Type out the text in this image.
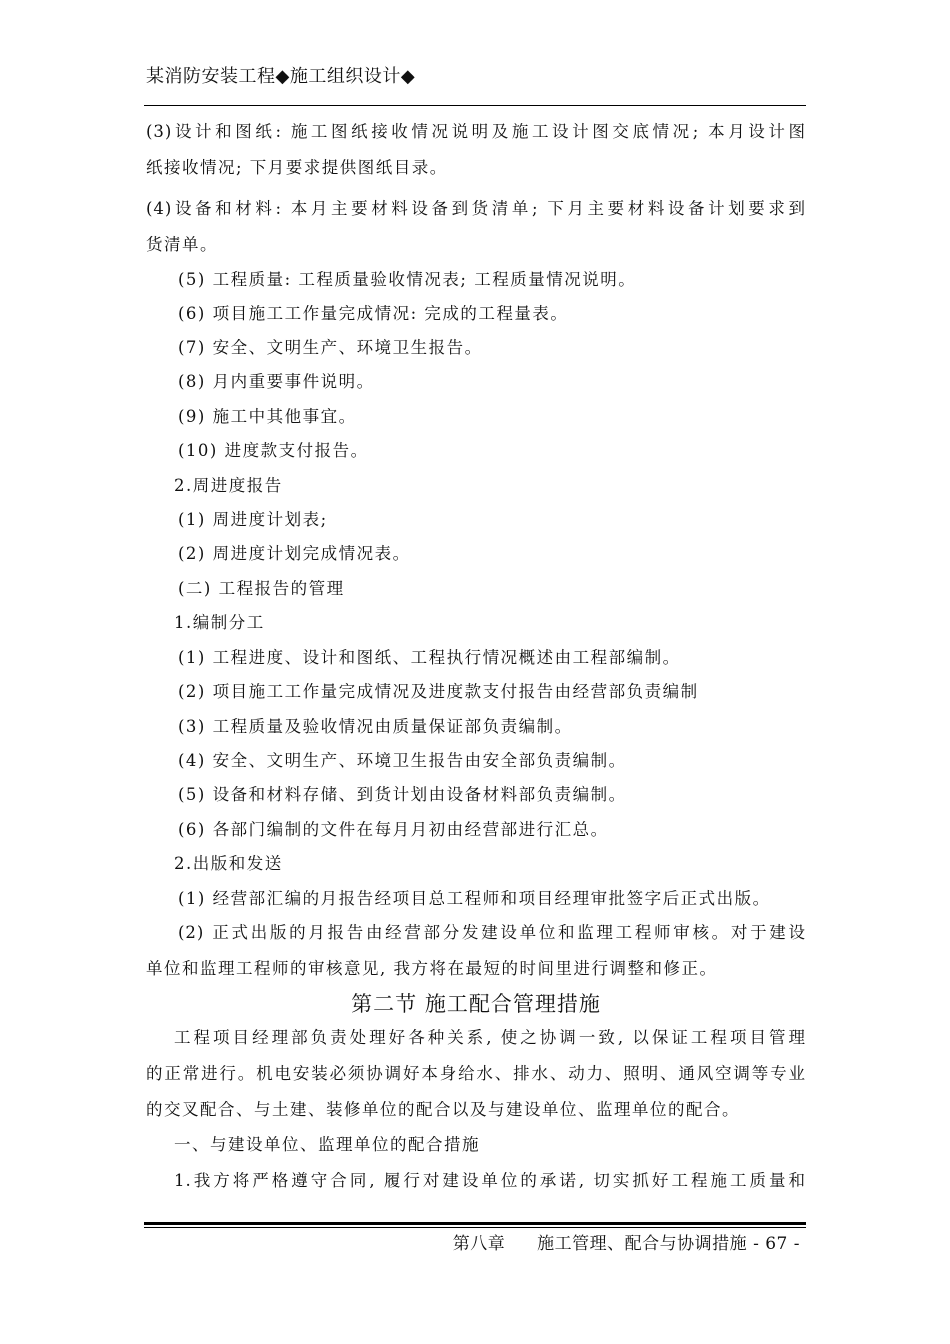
某消防安装工程◆施工组织设计◆
(3)设计和图纸: 施工图纸接收情况说明及施工设计图交底情况; 本月设计图
纸接收情况; 下月要求提供图纸目录。
(4)设备和材料: 本月主要材料设备到货清单; 下月主要材料设备计划要求到
货清单。
(5) 工程质量: 工程质量验收情况表; 工程质量情况说明。
(6) 项目施工工作量完成情况: 完成的工程量表。
(7) 安全、文明生产、环境卫生报告。
(8) 月内重要事件说明。
(9) 施工中其他事宜。
(10) 进度款支付报告。
2.周进度报告
(1) 周进度计划表;
(2) 周进度计划完成情况表。
(二) 工程报告的管理
1.编制分工
(1) 工程进度、设计和图纸、工程执行情况概述由工程部编制。
(2) 项目施工工作量完成情况及进度款支付报告由经营部负责编制
(3) 工程质量及验收情况由质量保证部负责编制。
(4) 安全、文明生产、环境卫生报告由安全部负责编制。
(5) 设备和材料存储、到货计划由设备材料部负责编制。
(6) 各部门编制的文件在每月月初由经营部进行汇总。
2.出版和发送
(1) 经营部汇编的月报告经项目总工程师和项目经理审批签字后正式出版。
(2) 正式出版的月报告由经营部分发建设单位和监理工程师审核。对于建设
单位和监理工程师的审核意见, 我方将在最短的时间里进行调整和修正。
第二节 施工配合管理措施
工程项目经理部负责处理好各种关系, 使之协调一致, 以保证工程项目管理
的正常进行。机电安装必须协调好本身给水、排水、动力、照明、通风空调等专业
的交叉配合、与土建、装修单位的配合以及与建设单位、监理单位的配合。
一、与建设单位、监理单位的配合措施
1.我方将严格遵守合同, 履行对建设单位的承诺, 切实抓好工程施工质量和
第八章 施工管理、配合与协调措施 - 67 -
